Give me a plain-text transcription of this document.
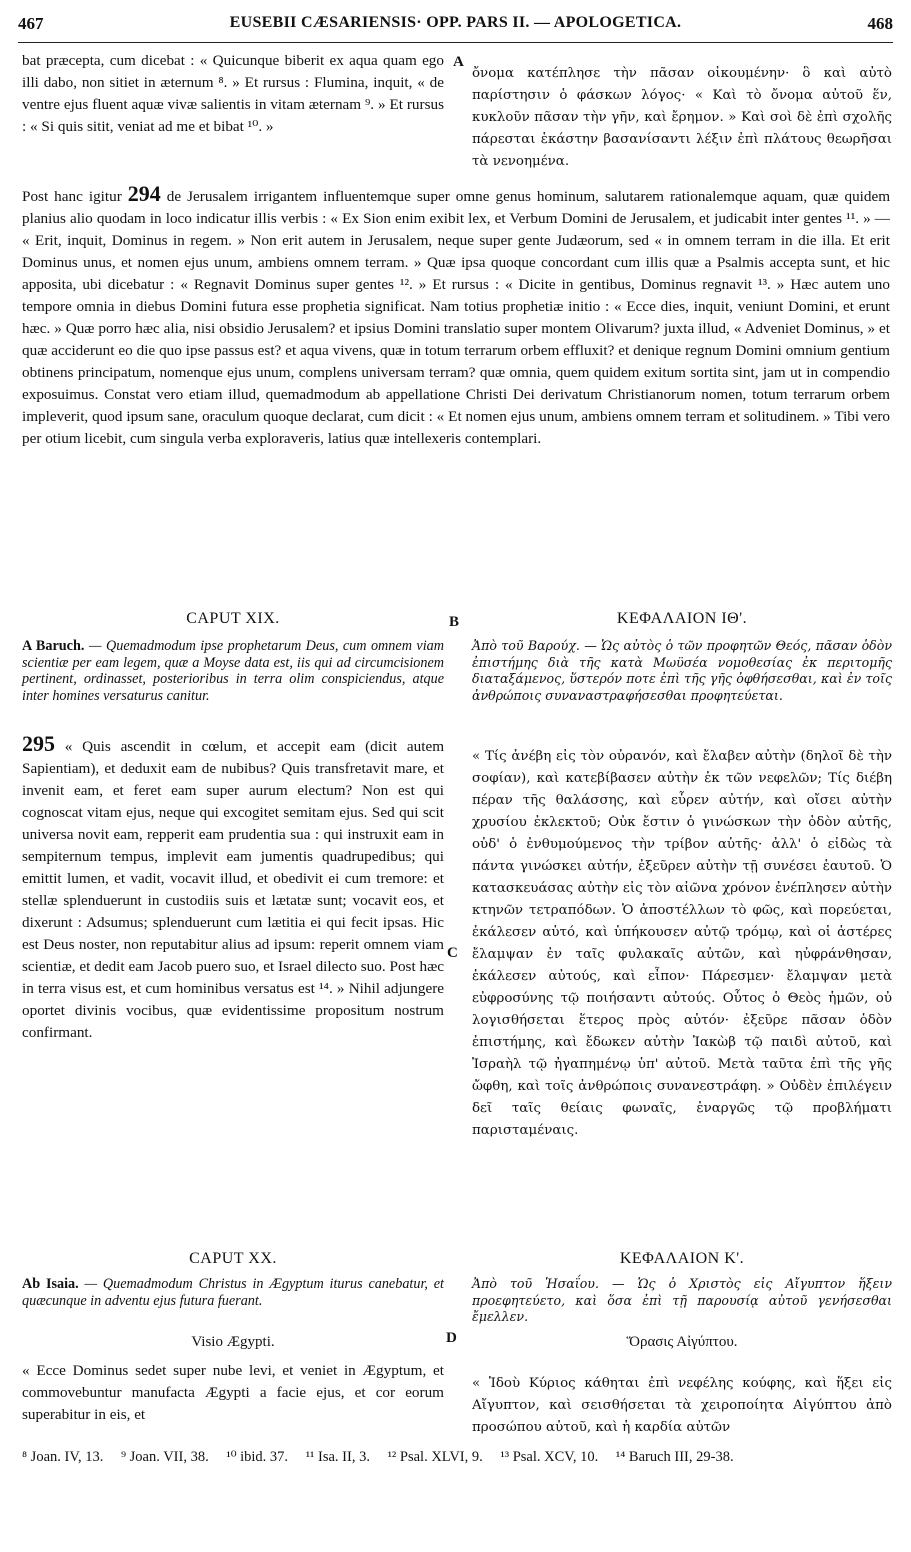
467	EUSEBII CÆSARIENSIS· OPP. PARS II. — APOLOGETICA.	468

bat præcepta, cum dicebat : « Quicunque biberit ex aqua quam ego illi dabo, non sitiet in æternum ⁸. » Et rursus : Flumina, inquit, « de ventre ejus fluent aquæ vivæ salientis in vitam æternam ⁹. » Et rursus : « Si quis sitit, veniat ad me et bibat ¹⁰. »

A

ὄνομα κατέπλησε τὴν πᾶσαν οἰκουμένην· ὃ καὶ αὐτὸ παρίστησιν ὁ φάσκων λόγος· « Καὶ τὸ ὄνομα αὐτοῦ ἕν, κυκλοῦν πᾶσαν τὴν γῆν, καὶ ἔρημον. » Καὶ σοὶ δὲ ἐπὶ σχολῆς πάρεσται ἑκάστην βασανίσαντι λέξιν ἐπὶ πλάτους θεωρῆσαι τὰ νενοημένα.

Post hanc igitur 294 de Jerusalem irrigantem influentemque super omne genus hominum, salutarem rationalemque aquam, quæ quidem planius alio quodam in loco indicatur illis verbis : « Ex Sion enim exibit lex, et Verbum Domini de Jerusalem, et judicabit inter gentes ¹¹. » — « Erit, inquit, Dominus in regem. » Non erit autem in Jerusalem, neque super gente Judæorum, sed « in omnem terram in die illa. Et erit Dominus unus, et nomen ejus unum, ambiens omnem terram. » Quæ ipsa quoque concordant cum illis quæ a Psalmis accepta sunt, et hic apposita, ubi dicebatur : « Regnavit Dominus super gentes ¹². » Et rursus : « Dicite in gentibus, Dominus regnavit ¹³. » Hæc autem uno tempore omnia in diebus Domini futura esse prophetia significat. Nam totius prophetiæ initio : « Ecce dies, inquit, veniunt Domini, et erunt hæc. » Quæ porro hæc alia, nisi obsidio Jerusalem? et ipsius Domini translatio super montem Olivarum? juxta illud, « Adveniet Dominus, » et quæ acciderunt eo die quo ipse passus est? et aqua vivens, quæ in totum terrarum orbem effluxit? et denique regnum Domini omnium gentium obtinens principatum, nomenque ejus unum, complens universam terram? quæ omnia, quem quidem exitum sortita sint, jam ut in compendio exposuimus. Constat vero etiam illud, quemadmodum ab appellatione Christi Dei derivatum Christianorum nomen, totum terrarum orbem impleverit, quod ipsum sane, oraculum quoque declarat, cum dicit : « Et nomen ejus unum, ambiens omnem terram et solitudinem. » Tibi vero per otium licebit, cum singula verba exploraveris, latius quæ intellexeris contemplari.

CAPUT XIX.	B	ΚΕΦΑΛΑΙΟΝ ΙΘ'.
A Baruch. — Quemadmodum ipse prophetarum Deus, cum omnem viam scientiæ per eam legem, quæ a Moyse data est, iis qui ad circumcisionem pertinent, ordinasset, posterioribus in terra olim conspiciendus, atque inter homines versaturus canitur.
Ἀπὸ τοῦ Βαρούχ. — Ὡς αὐτὸς ὁ τῶν προφητῶν Θεός, πᾶσαν ὁδὸν ἐπιστήμης διὰ τῆς κατὰ Μωϋσέα νομοθεσίας ἐκ περιτομῆς διαταξάμενος, ὕστερόν ποτε ἐπὶ τῆς γῆς ὀφθήσεσθαι, καὶ ἐν τοῖς ἀνθρώποις συναναστραφήσεσθαι προφητεύεται.

295 « Quis ascendit in cœlum, et accepit eam (dicit autem Sapientiam), et deduxit eam de nubibus? Quis transfretavit mare, et invenit eam, et feret eam super aurum electum? Non est qui cognoscat vitam ejus, neque qui excogitet semitam ejus. Sed qui scit universa novit eam, repperit eam prudentia sua : qui instruxit eam in sempiternum tempus, implevit eam jumentis quadrupedibus; qui emittit lumen, et vadit, vocavit illud, et obedivit ei cum tremore: et stellæ splenduerunt in custodiis suis et lætatæ sunt; vocavit eos, et dixerunt : Adsumus; splenduerunt cum lætitia ei qui fecit ipsas. Hic est Deus noster, non reputabitur alius ad ipsum: reperit omnem viam scientiæ, et dedit eam Jacob puero suo, et Israel dilecto suo. Post hæc in terra visus est, et cum hominibus versatus est ¹⁴. » Nihil adjungere oportet divinis vocibus, quæ evidentissime propositum nostrum confirmant.

C

« Τίς ἀνέβη εἰς τὸν οὐρανόν, καὶ ἔλαβεν αὐτὴν (δηλοῖ δὲ τὴν σοφίαν), καὶ κατεβίβασεν αὐτὴν ἐκ τῶν νεφελῶν; Τίς διέβη πέραν τῆς θαλάσσης, καὶ εὗρεν αὐτήν, καὶ οἴσει αὐτὴν χρυσίου ἐκλεκτοῦ; Οὐκ ἔστιν ὁ γινώσκων τὴν ὁδὸν αὐτῆς, οὐδ' ὁ ἐνθυμούμενος τὴν τρίβον αὐτῆς· ἀλλ' ὁ εἰδὼς τὰ πάντα γινώσκει αὐτήν, ἐξεῦρεν αὐτὴν τῇ συνέσει ἑαυτοῦ. Ὁ κατασκευάσας αὐτὴν εἰς τὸν αἰῶνα χρόνον ἐνέπλησεν αὐτὴν κτηνῶν τετραπόδων. Ὁ ἀποστέλλων τὸ φῶς, καὶ πορεύεται, ἐκάλεσεν αὐτό, καὶ ὑπήκουσεν αὐτῷ τρόμῳ, καὶ οἱ ἀστέρες ἔλαμψαν ἐν ταῖς φυλακαῖς αὐτῶν, καὶ ηὐφράνθησαν, ἐκάλεσεν αὐτούς, καὶ εἶπον· Πάρεσμεν· ἔλαμψαν μετὰ εὐφροσύνης τῷ ποιήσαντι αὐτούς. Οὗτος ὁ Θεὸς ἡμῶν, οὐ λογισθήσεται ἕτερος πρὸς αὐτόν· ἐξεῦρε πᾶσαν ὁδὸν ἐπιστήμης, καὶ ἔδωκεν αὐτὴν Ἰακὼβ τῷ παιδὶ αὐτοῦ, καὶ Ἰσραὴλ τῷ ἠγαπημένῳ ὑπ' αὐτοῦ. Μετὰ ταῦτα ἐπὶ τῆς γῆς ὤφθη, καὶ τοῖς ἀνθρώποις συνανεστράφη. » Οὐδὲν ἐπιλέγειν δεῖ ταῖς θείαις φωναῖς, ἐναργῶς τῷ προβλήματι παρισταμέναις.

CAPUT XX.	ΚΕΦΑΛΑΙΟΝ Κ'.
Ab Isaia. — Quemadmodum Christus in Ægyptum iturus canebatur, et quæcunque in adventu ejus futura fuerant.
Ἀπὸ τοῦ Ἡσαΐου. — Ὡς ὁ Χριστὸς εἰς Αἴγυπτον ἥξειν προεφητεύετο, καὶ ὅσα ἐπὶ τῇ παρουσίᾳ αὐτοῦ γενήσεσθαι ἔμελλεν.
Visio Ægypti.	D	Ὅρασις Αἰγύπτου.

« Ecce Dominus sedet super nube levi, et veniet in Ægyptum, et commovebuntur manufacta Ægypti a facie ejus, et cor eorum superabitur in eis, et

« Ἰδοὺ Κύριος κάθηται ἐπὶ νεφέλης κούφης, καὶ ἥξει εἰς Αἴγυπτον, καὶ σεισθήσεται τὰ χειροποίητα Αἰγύπτου ἀπὸ προσώπου αὐτοῦ, καὶ ἡ καρδία αὐτῶν

⁸ Joan. IV, 13. ⁹ Joan. VII, 38. ¹⁰ ibid. 37. ¹¹ Isa. II, 3. ¹² Psal. XLVI, 9. ¹³ Psal. XCV, 10. ¹⁴ Baruch III, 29-38.
